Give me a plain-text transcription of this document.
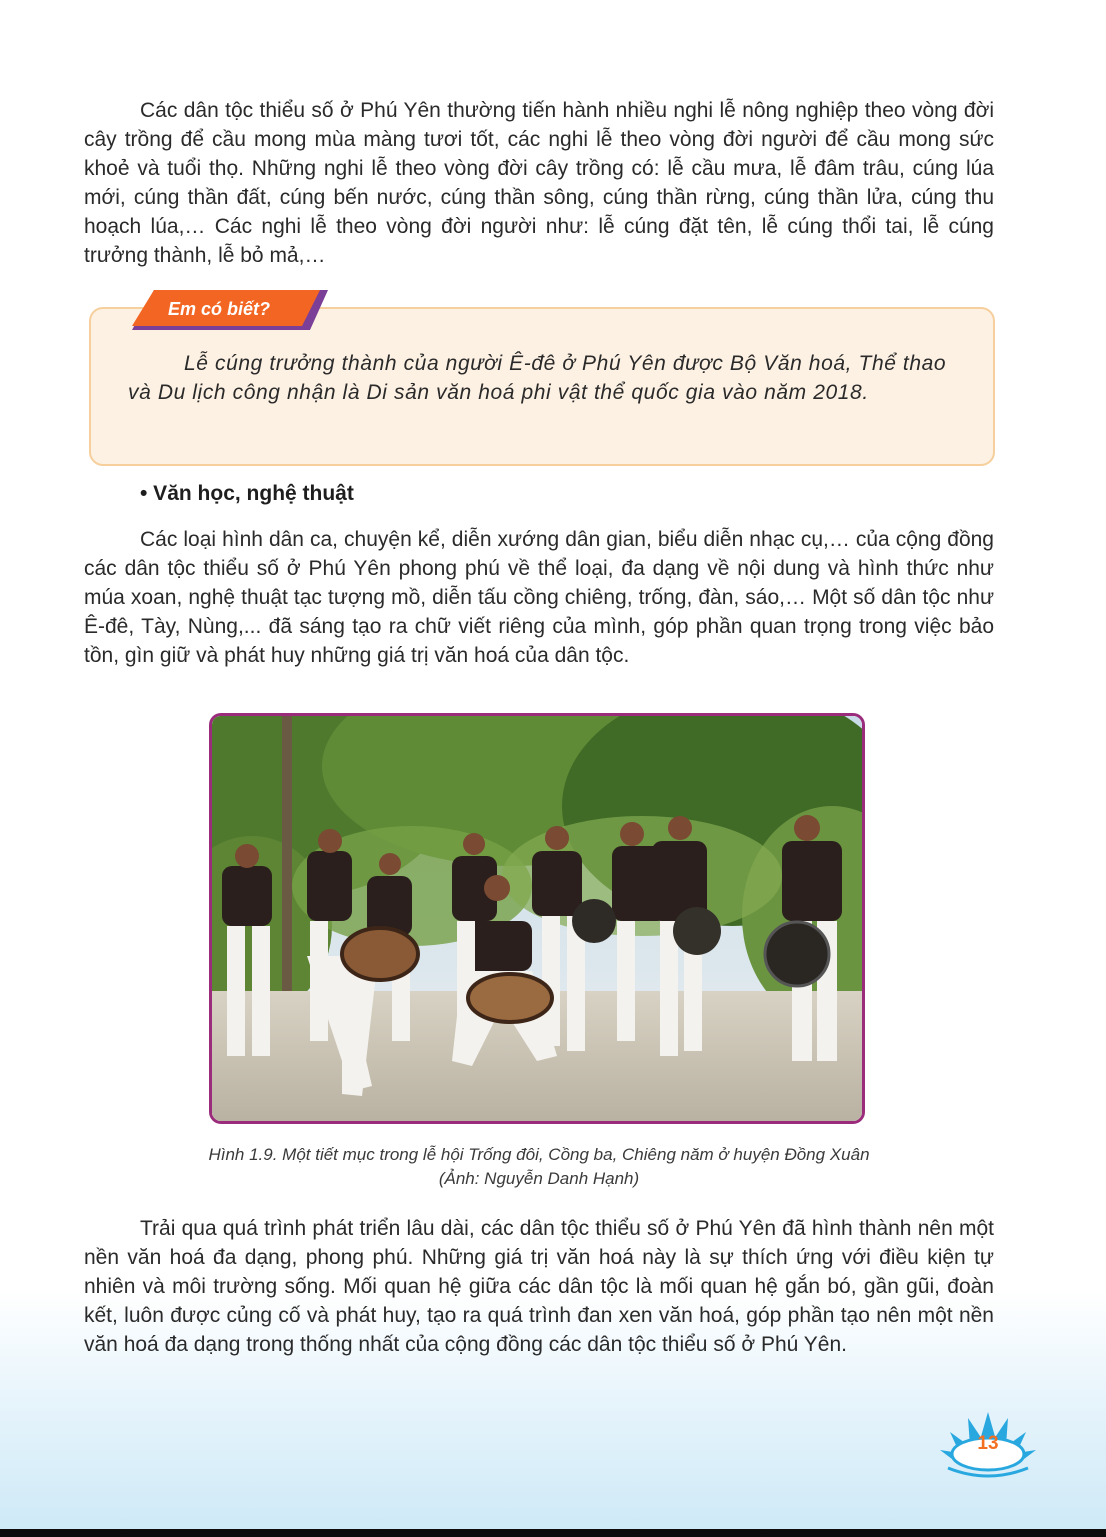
Các dân tộc thiểu số ở Phú Yên thường tiến hành nhiều nghi lễ nông nghiệp theo vòng đời cây trồng để cầu mong mùa màng tươi tốt, các nghi lễ theo vòng đời người để cầu mong sức khoẻ và tuổi thọ. Những nghi lễ theo vòng đời cây trồng có: lễ cầu mưa, lễ đâm trâu, cúng lúa mới, cúng thần đất, cúng bến nước, cúng thần sông, cúng thần rừng, cúng thần lửa, cúng thu hoạch lúa,… Các nghi lễ theo vòng đời người như: lễ cúng đặt tên, lễ cúng thổi tai, lễ cúng trưởng thành, lễ bỏ mả,…

Em có biết?

Lễ cúng trưởng thành của người Ê-đê ở Phú Yên được Bộ Văn hoá, Thể thao và Du lịch công nhận là Di sản văn hoá phi vật thể quốc gia vào năm 2018.

• Văn học, nghệ thuật

Các loại hình dân ca, chuyện kể, diễn xướng dân gian, biểu diễn nhạc cụ,… của cộng đồng các dân tộc thiểu số ở Phú Yên phong phú về thể loại, đa dạng về nội dung và hình thức như múa xoan, nghệ thuật tạc tượng mồ, diễn tấu cồng chiêng, trống, đàn, sáo,… Một số dân tộc như Ê-đê, Tày, Nùng,... đã sáng tạo ra chữ viết riêng của mình, góp phần quan trọng trong việc bảo tồn, gìn giữ và phát huy những giá trị văn hoá của dân tộc.

Hình 1.9. Một tiết mục trong lễ hội Trống đôi, Cồng ba, Chiêng năm ở huyện Đồng Xuân

(Ảnh: Nguyễn Danh Hạnh)

Trải qua quá trình phát triển lâu dài, các dân tộc thiểu số ở Phú Yên đã hình thành nên một nền văn hoá đa dạng, phong phú. Những giá trị văn hoá này là sự thích ứng với điều kiện tự nhiên và môi trường sống. Mối quan hệ giữa các dân tộc là mối quan hệ gắn bó, gần gũi, đoàn kết, luôn được củng cố và phát huy, tạo ra quá trình đan xen văn hoá, góp phần tạo nên một nền văn hoá đa dạng trong thống nhất của cộng đồng các dân tộc thiểu số ở Phú Yên.

13
